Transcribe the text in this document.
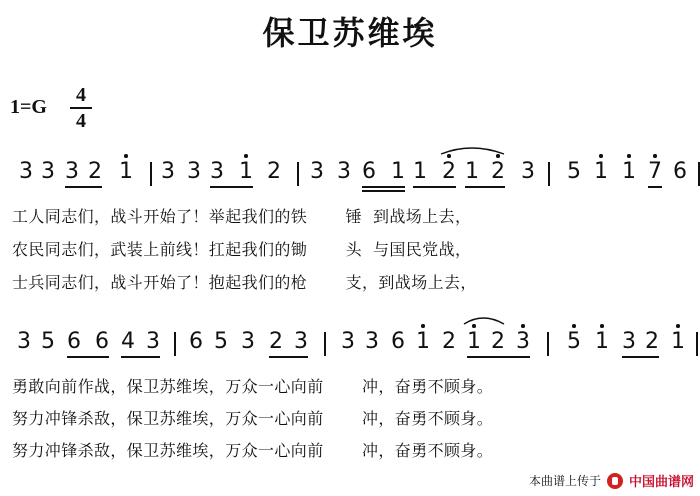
保卫苏维埃
1=G
4
4
3 3 3 2 1 3 3 3 1 2 3 3 6 1 1 2 1 2 3 5 1 1 7 6
3 5 6 6 4 3 6 5 3 2 3 3 3 6 1 2 1 2 3 5 1 3 2 1
工人同志们，战斗开始了！举起我们的铁       锤  到战场上去，
农民同志们，武装上前线！扛起我们的锄       头  与国民党战，
士兵同志们，战斗开始了！抱起我们的枪       支，到战场上去，
勇敢向前作战，保卫苏维埃，万众一心向前       冲，奋勇不顾身。
努力冲锋杀敌，保卫苏维埃，万众一心向前       冲，奋勇不顾身。
努力冲锋杀敌，保卫苏维埃，万众一心向前       冲，奋勇不顾身。
本曲谱上传于 中国曲谱网
